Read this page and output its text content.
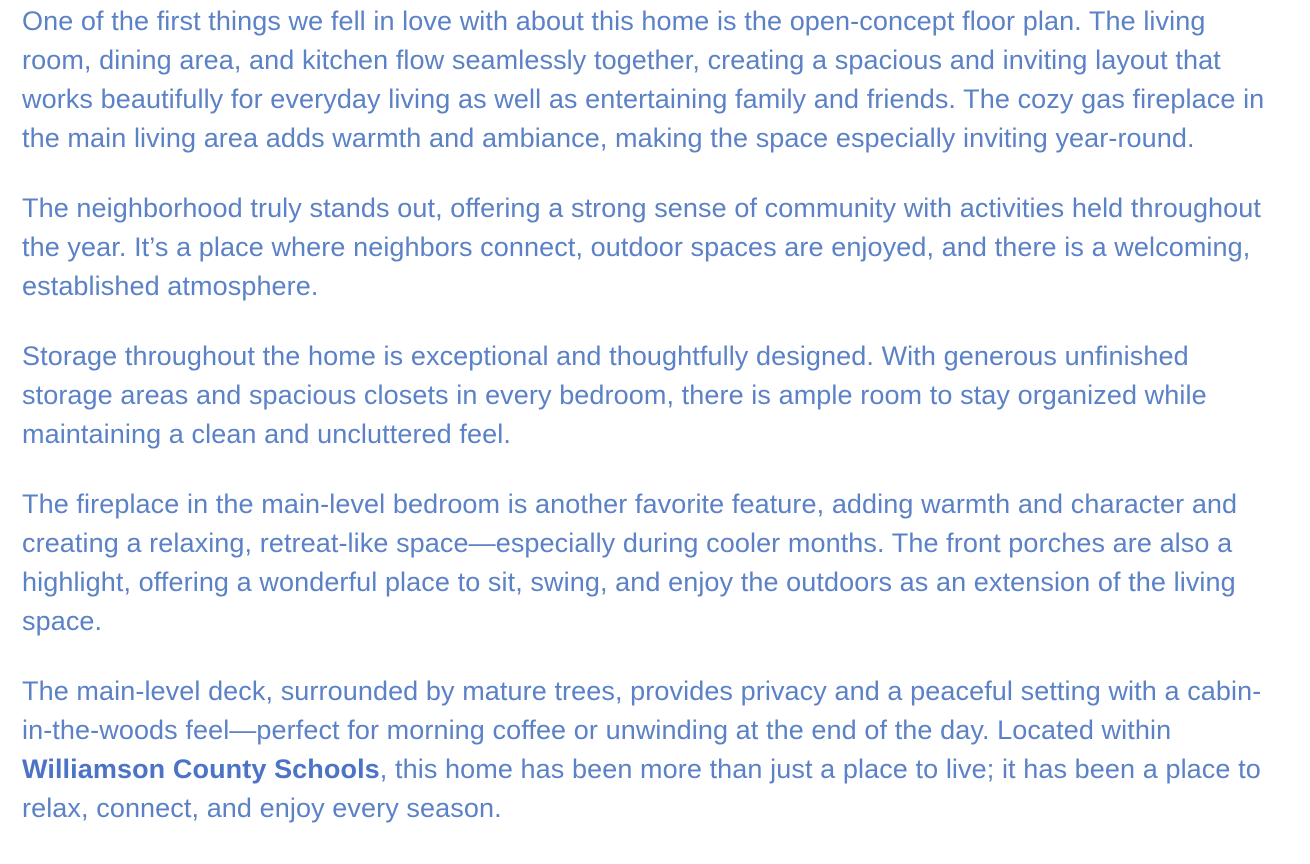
One of the first things we fell in love with about this home is the open-concept floor plan. The living room, dining area, and kitchen flow seamlessly together, creating a spacious and inviting layout that works beautifully for everyday living as well as entertaining family and friends. The cozy gas fireplace in the main living area adds warmth and ambiance, making the space especially inviting year-round.

The neighborhood truly stands out, offering a strong sense of community with activities held throughout the year. It’s a place where neighbors connect, outdoor spaces are enjoyed, and there is a welcoming, established atmosphere.

Storage throughout the home is exceptional and thoughtfully designed. With generous unfinished storage areas and spacious closets in every bedroom, there is ample room to stay organized while maintaining a clean and uncluttered feel.

The fireplace in the main-level bedroom is another favorite feature, adding warmth and character and creating a relaxing, retreat-like space—especially during cooler months. The front porches are also a highlight, offering a wonderful place to sit, swing, and enjoy the outdoors as an extension of the living space.

The main-level deck, surrounded by mature trees, provides privacy and a peaceful setting with a cabin-in-the-woods feel—perfect for morning coffee or unwinding at the end of the day. Located within Williamson County Schools, this home has been more than just a place to live; it has been a place to relax, connect, and enjoy every season.
